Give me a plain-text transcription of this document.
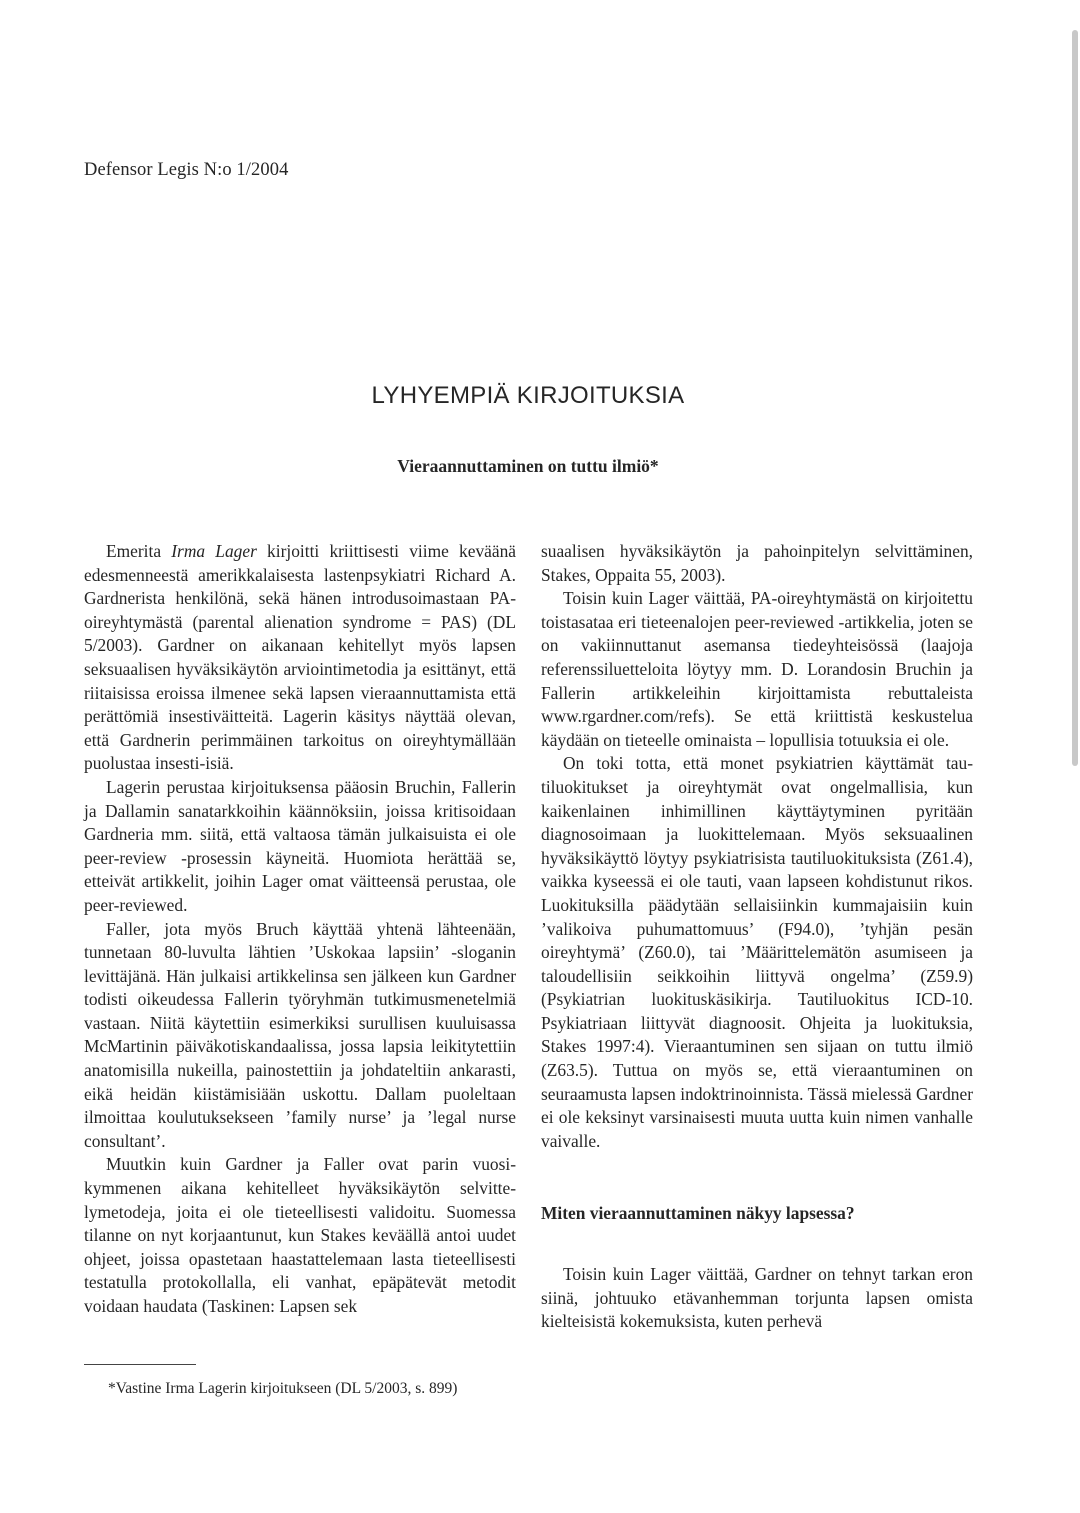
Defensor Legis N:o 1/2004
LYHYEMPIÄ KIRJOITUKSIA
Vieraannuttaminen on tuttu ilmiö*

Emerita Irma Lager kirjoitti kriittisesti viime keväänä edesmenneestä amerikkalaisesta lastenpsykiatri Richard A. Gardnerista henkilönä, sekä hänen introdusoimastaan PA-oireyhtymästä (parental alienation syndrome = PAS) (DL 5/2003). Gardner on aikanaan kehitellyt myös lapsen seksuaalisen hyväksikäytön arviointimetodia ja esittänyt, että riitaisissa eroissa ilmenee sekä lapsen vieraannuttamista että perättömiä insestiväitteitä. Lagerin käsitys näyttää olevan, että Gardnerin perimmäinen tarkoitus on oireyhtymällään puolustaa insesti-isiä.

Lagerin perustaa kirjoituksensa pääosin Bruchin, Fallerin ja Dallamin sanatarkkoihin käännöksiin, joissa kritisoidaan Gardneria mm. siitä, että valtaosa tämän julkaisuista ei ole peer-review -prosessin käyneitä. Huomiota herättää se, etteivät artikkelit, joihin Lager omat väitteensä perustaa, ole peer-reviewed.

Faller, jota myös Bruch käyttää yhtenä lähteenään, tunnetaan 80-luvulta lähtien ’Uskokaa lapsiin’ -sloganin levittäjänä. Hän julkaisi artikkelinsa sen jälkeen kun Gardner todisti oikeudessa Fallerin työryhmän tutkimusmenetelmiä vastaan. Niitä käytettiin esimerkiksi surullisen kuuluisassa McMartinin päiväkotiskandaalissa, jossa lapsia leikitytettiin anatomisilla nukeilla, painostettiin ja johdateltiin ankarasti, eikä heidän kiistämisiään uskottu. Dallam puoleltaan ilmoittaa koulutuksekseen ’family nurse’ ja ’legal nurse consultant’.

Muutkin kuin Gardner ja Faller ovat parin vuosikymmenen aikana kehitelleet hyväksikäytön selvittelymetodeja, joita ei ole tieteellisesti validoitu. Suomessa tilanne on nyt korjaantunut, kun Stakes keväällä antoi uudet ohjeet, joissa opastetaan haastattelemaan lasta tieteellisesti testatulla protokollalla, eli vanhat, epäpätevät metodit voidaan haudata (Taskinen: Lapsen sek

suaalisen hyväksikäytön ja pahoinpitelyn selvittäminen, Stakes, Oppaita 55, 2003).

Toisin kuin Lager väittää, PA-oireyhtymästä on kirjoitettu toistasataa eri tieteenalojen peer-reviewed -artikkelia, joten se on vakiinnuttanut asemansa tiedeyhteisössä (laajoja referenssiluetteloita löytyy mm. D. Lorandosin Bruchin ja Fallerin artikkeleihin kirjoittamista rebuttaleista www.rgardner.com/refs). Se että kriittistä keskustelua käydään on tieteelle ominaista – lopullisia totuuksia ei ole.

On toki totta, että monet psykiatrien käyttämät tautiluokitukset ja oireyhtymät ovat ongelmallisia, kun kaikenlainen inhimillinen käyttäytyminen pyritään diagnosoimaan ja luokittelemaan. Myös seksuaalinen hyväksikäyttö löytyy psykiatrisista tautiluokituksista (Z61.4), vaikka kyseessä ei ole tauti, vaan lapseen kohdistunut rikos. Luokituksilla päädytään sellaisiinkin kummajaisiin kuin ’valikoiva puhumattomuus’ (F94.0), ’tyhjän pesän oireyhtymä’ (Z60.0), tai ’Määrittelemätön asumiseen ja taloudellisiin seikkoihin liittyvä ongelma’ (Z59.9) (Psykiatrian luokituskäsikirja. Tautiluokitus ICD-10. Psykiatriaan liittyvät diagnoosit. Ohjeita ja luokituksia, Stakes 1997:4). Vieraantuminen sen sijaan on tuttu ilmiö (Z63.5). Tuttua on myös se, että vieraantuminen on seuraamusta lapsen indoktrinoinnista. Tässä mielessä Gardner ei ole keksinyt varsinaisesti muuta uutta kuin nimen vanhalle vaivalle.

Miten vieraannuttaminen näkyy lapsessa?

Toisin kuin Lager väittää, Gardner on tehnyt tarkan eron siinä, johtuuko etävanhemman torjunta lapsen omista kielteisistä kokemuksista, kuten perhevä

*Vastine Irma Lagerin kirjoitukseen (DL 5/2003, s. 899)
